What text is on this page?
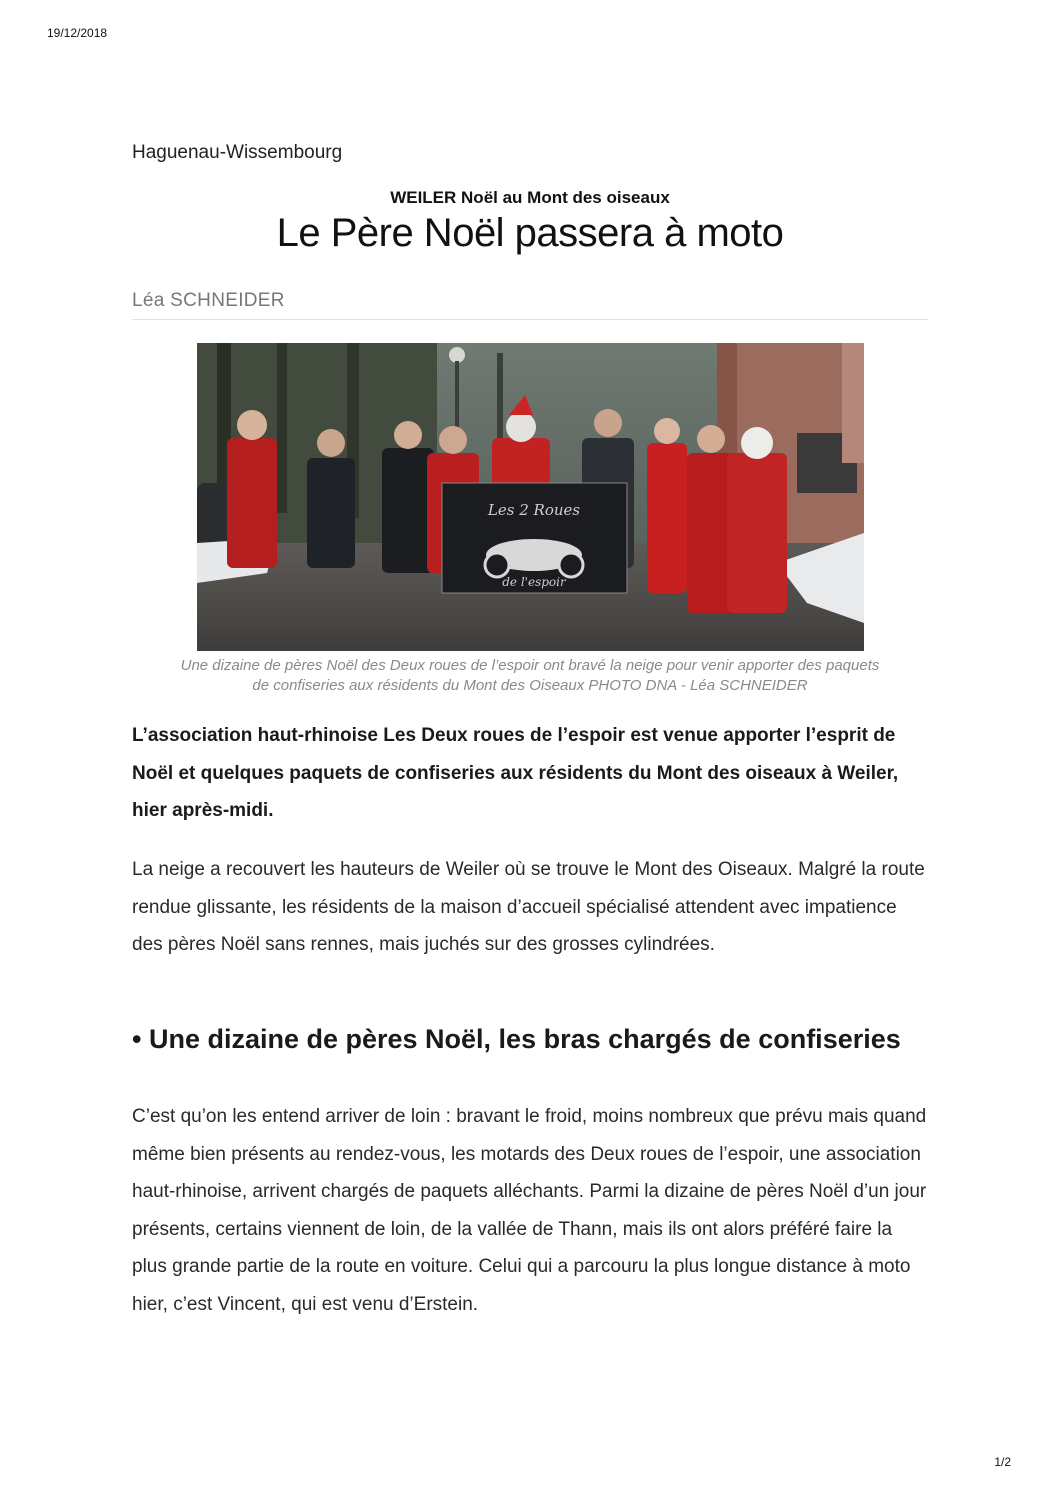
19/12/2018
Haguenau-Wissembourg
WEILER Noël au Mont des oiseaux
Le Père Noël passera à moto
Léa SCHNEIDER
Les 2 Roues
de l'espoir
Une dizaine de pères Noël des Deux roues de l’espoir ont bravé la neige pour venir apporter des paquets
de confiseries aux résidents du Mont des Oiseaux PHOTO DNA - Léa SCHNEIDER
L’association haut-rhinoise Les Deux roues de l’espoir est venue apporter l’esprit de Noël et quelques paquets de confiseries aux résidents du Mont des oiseaux à Weiler, hier après-midi.
La neige a recouvert les hauteurs de Weiler où se trouve le Mont des Oiseaux. Malgré la route rendue glissante, les résidents de la maison d’accueil spécialisé attendent avec impatience des pères Noël sans rennes, mais juchés sur des grosses cylindrées.
• Une dizaine de pères Noël, les bras chargés de confiseries
C’est qu’on les entend arriver de loin : bravant le froid, moins nombreux que prévu mais quand même bien présents au rendez-vous, les motards des Deux roues de l’espoir, une association haut-rhinoise, arrivent chargés de paquets alléchants. Parmi la dizaine de pères Noël d’un jour présents, certains viennent de loin, de la vallée de Thann, mais ils ont alors préféré faire la plus grande partie de la route en voiture. Celui qui a parcouru la plus longue distance à moto hier, c’est Vincent, qui est venu d’Erstein.
1/2
